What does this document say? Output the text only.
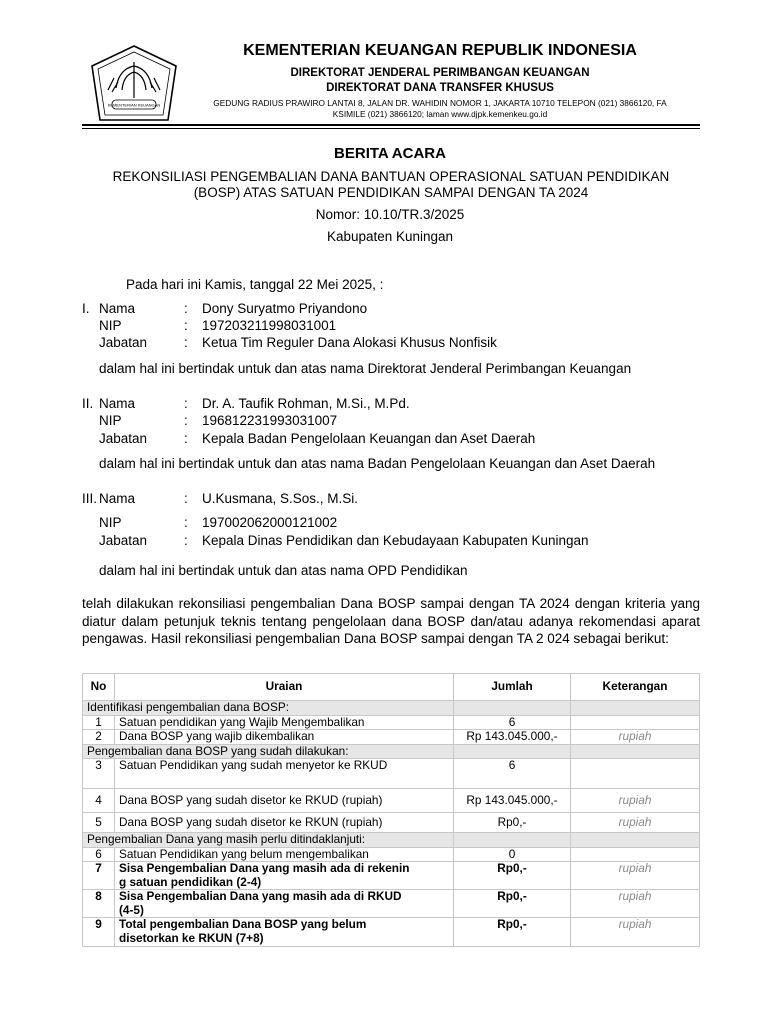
KEMENTERIAN KEUANGAN
KEMENTERIAN KEUANGAN REPUBLIK INDONESIA
DIREKTORAT JENDERAL PERIMBANGAN KEUANGAN
DIREKTORAT DANA TRANSFER KHUSUS
GEDUNG RADIUS PRAWIRO LANTAI 8, JALAN DR. WAHIDIN NOMOR 1, JAKARTA 10710 TELEPON (021) 3866120, FA
KSIMILE (021) 3866120; laman www.djpk.kemenkeu.go.id
BERITA ACARA
REKONSILIASI PENGEMBALIAN DANA BANTUAN OPERASIONAL SATUAN PENDIDIKAN
(BOSP) ATAS SATUAN PENDIDIKAN SAMPAI DENGAN TA 2024
Nomor: 10.10/TR.3/2025
Kabupaten Kuningan
Pada hari ini Kamis, tanggal 22 Mei 2025, :
I. Nama	: Dony Suryatmo Priyandono
NIP	: 197203211998031001
Jabatan	: Ketua Tim Reguler Dana Alokasi Khusus Nonfisik
dalam hal ini bertindak untuk dan atas nama Direktorat Jenderal Perimbangan Keuangan
II. Nama	: Dr. A. Taufik Rohman, M.Si., M.Pd.
NIP	: 196812231993031007
Jabatan	: Kepala Badan Pengelolaan Keuangan dan Aset Daerah
dalam hal ini bertindak untuk dan atas nama Badan Pengelolaan Keuangan dan Aset Daerah
III. Nama	: U.Kusmana, S.Sos., M.Si.
NIP	: 197002062000121002
Jabatan	: Kepala Dinas Pendidikan dan Kebudayaan Kabupaten Kuningan
dalam hal ini bertindak untuk dan atas nama OPD Pendidikan
telah dilakukan rekonsiliasi pengembalian Dana BOSP sampai dengan TA 2024 dengan kriteria yang diatur dalam petunjuk teknis tentang pengelolaan dana BOSP dan/atau adanya rekomendasi aparat pengawas. Hasil rekonsiliasi pengembalian Dana BOSP sampai dengan TA 2 024 sebagai berikut:
No	Uraian	Jumlah	Keterangan
Identifikasi pengembalian dana BOSP:			
1	Satuan pendidikan yang Wajib Mengembalikan	6	
2	Dana BOSP yang wajib dikembalikan	Rp 143.045.000,-	rupiah
Pengembalian dana BOSP yang sudah dilakukan:			
3	Satuan Pendidikan yang sudah menyetor ke RKUD	6	
4	Dana BOSP yang sudah disetor ke RKUD (rupiah)	Rp 143.045.000,-	rupiah
5	Dana BOSP yang sudah disetor ke RKUN (rupiah)	Rp0,-	rupiah
Pengembalian Dana yang masih perlu ditindaklanjuti:			
6	Satuan Pendidikan yang belum mengembalikan	0	
7	Sisa Pengembalian Dana yang masih ada di rekenin
g satuan pendidikan (2-4)	Rp0,-	rupiah
8	Sisa Pengembalian Dana yang masih ada di RKUD
(4-5)	Rp0,-	rupiah
9	Total pengembalian Dana BOSP yang belum
disetorkan ke RKUN (7+8)	Rp0,-	rupiah
